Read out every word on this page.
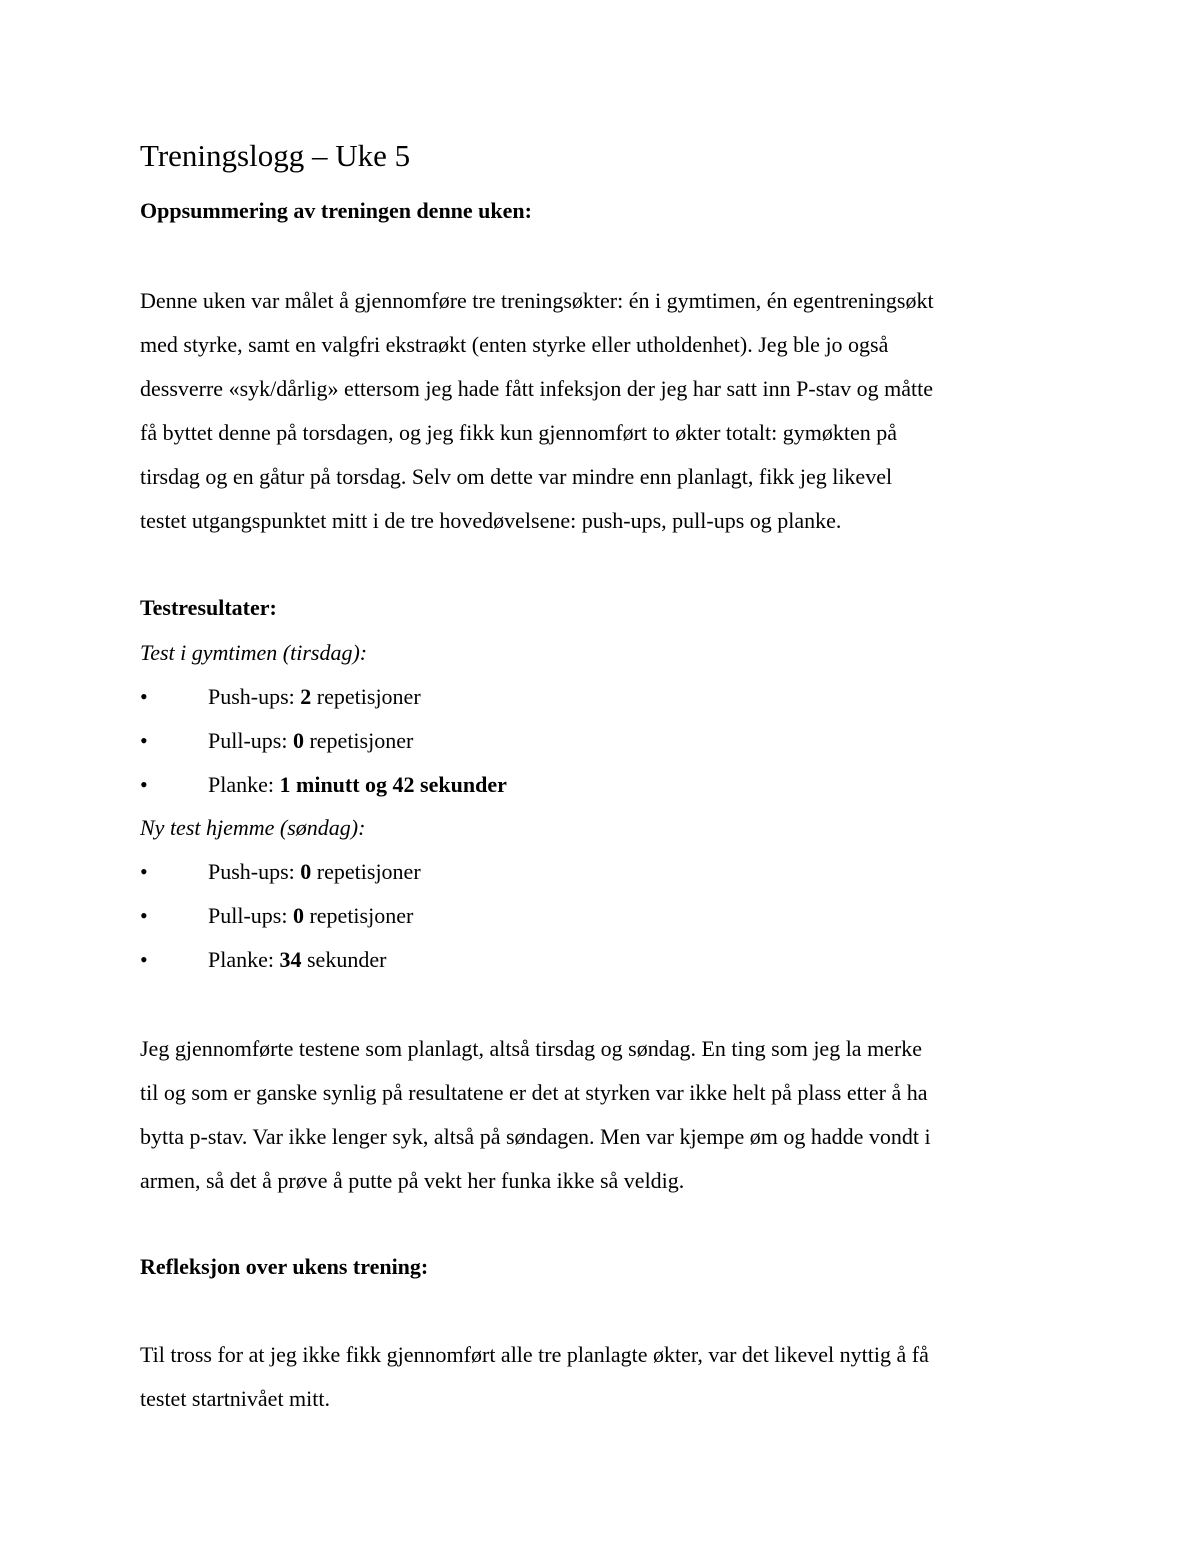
Treningslogg – Uke 5
Oppsummering av treningen denne uken:

Denne uken var målet å gjennomføre tre treningsøkter: én i gymtimen, én egentreningsøkt

med styrke, samt en valgfri ekstraøkt (enten styrke eller utholdenhet). Jeg ble jo også

dessverre «syk/dårlig» ettersom jeg hade fått infeksjon der jeg har satt inn P-stav og måtte

få byttet denne på torsdagen, og jeg fikk kun gjennomført to økter totalt: gymøkten på

tirsdag og en gåtur på torsdag. Selv om dette var mindre enn planlagt, fikk jeg likevel

testet utgangspunktet mitt i de tre hovedøvelsene: push-ups, pull-ups og planke.

Testresultater:
Test i gymtimen (tirsdag):
•	Push-ups: 2 repetisjoner
•	Pull-ups: 0 repetisjoner
•	Planke: 1 minutt og 42 sekunder
Ny test hjemme (søndag):
•	Push-ups: 0 repetisjoner
•	Pull-ups: 0 repetisjoner
•	Planke: 34 sekunder

Jeg gjennomførte testene som planlagt, altså tirsdag og søndag. En ting som jeg la merke

til og som er ganske synlig på resultatene er det at styrken var ikke helt på plass etter å ha

bytta p-stav. Var ikke lenger syk, altså på søndagen. Men var kjempe øm og hadde vondt i

armen, så det å prøve å putte på vekt her funka ikke så veldig.

Refleksjon over ukens trening:

Til tross for at jeg ikke fikk gjennomført alle tre planlagte økter, var det likevel nyttig å få

testet startnivået mitt.
